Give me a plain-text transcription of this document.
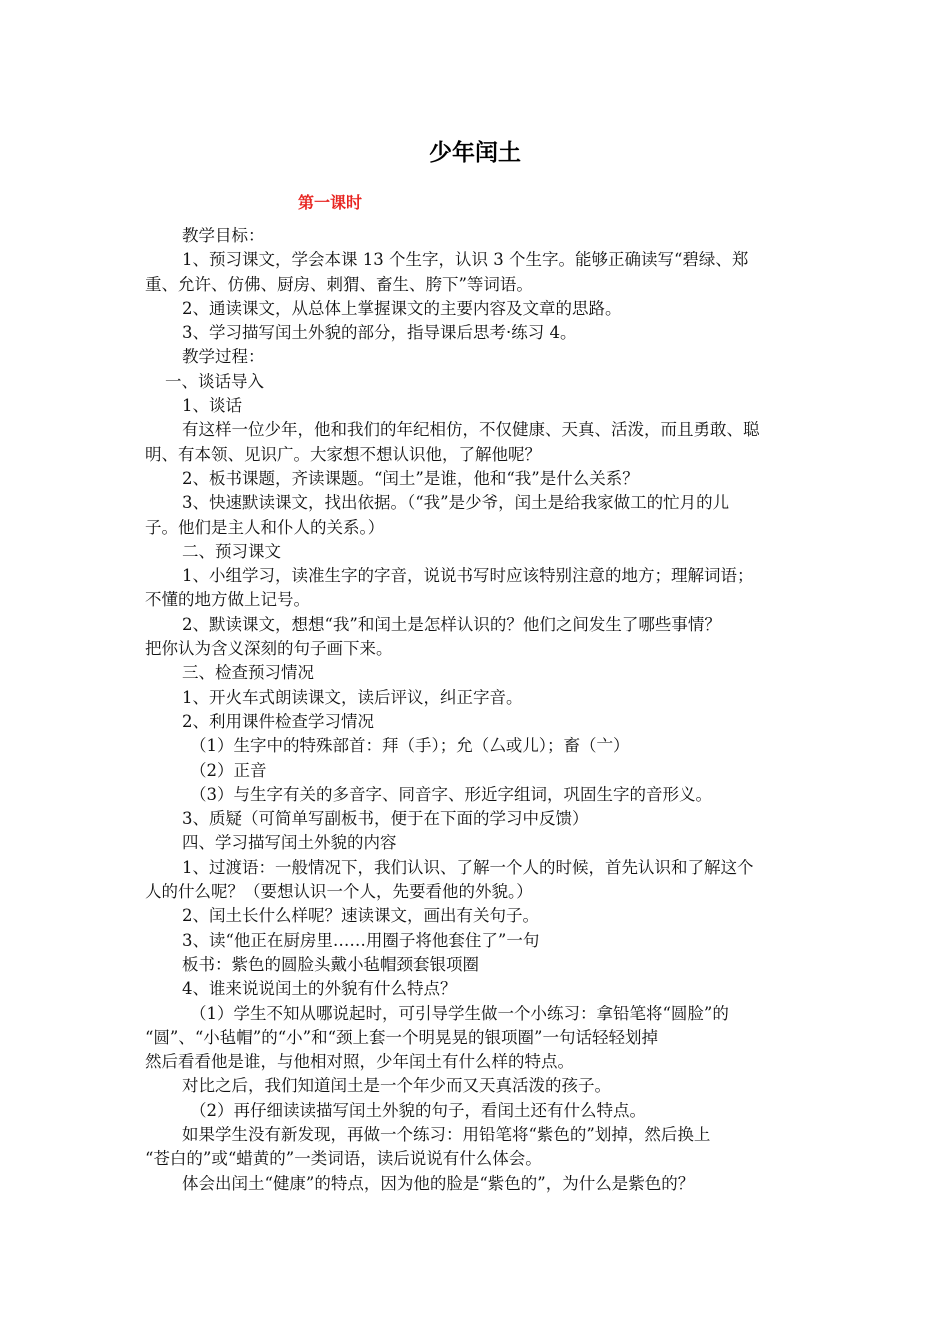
少年闰土
第一课时

教学目标：

1、预习课文，学会本课 13 个生字，认识 3 个生字。能够正确读写“碧绿、郑

重、允许、仿佛、厨房、刺猬、畜生、胯下”等词语。

2、通读课文，从总体上掌握课文的主要内容及文章的思路。

3、学习描写闰土外貌的部分，指导课后思考·练习 4。

教学过程：

一、谈话导入

1、谈话

有这样一位少年，他和我们的年纪相仿，不仅健康、天真、活泼，而且勇敢、聪

明、有本领、见识广。大家想不想认识他，了解他呢？

2、板书课题，齐读课题。“闰土”是谁，他和“我”是什么关系？

3、快速默读课文，找出依据。（“我”是少爷，闰土是给我家做工的忙月的儿

子。他们是主人和仆人的关系。）

二、预习课文

1、小组学习，读准生字的字音，说说书写时应该特别注意的地方；理解词语；

不懂的地方做上记号。

2、默读课文，想想“我”和闰土是怎样认识的？他们之间发生了哪些事情？

把你认为含义深刻的句子画下来。

三、检查预习情况

1、开火车式朗读课文，读后评议，纠正字音。

2、利用课件检查学习情况

（1）生字中的特殊部首：拜（手）；允（厶或儿）；畜（亠）

（2）正音

（3）与生字有关的多音字、同音字、形近字组词，巩固生字的音形义。

3、质疑（可简单写副板书，便于在下面的学习中反馈）

四、学习描写闰土外貌的内容

1、过渡语：一般情况下，我们认识、了解一个人的时候，首先认识和了解这个

人的什么呢？（要想认识一个人，先要看他的外貌。）

2、闰土长什么样呢？速读课文，画出有关句子。

3、读“他正在厨房里……用圈子将他套住了”一句

板书：紫色的圆脸头戴小毡帽颈套银项圈

4、谁来说说闰土的外貌有什么特点？

（1）学生不知从哪说起时，可引导学生做一个小练习：拿铅笔将“圆脸”的

“圆”、“小毡帽”的“小”和“颈上套一个明晃晃的银项圈”一句话轻轻划掉

然后看看他是谁，与他相对照，少年闰土有什么样的特点。

对比之后，我们知道闰土是一个年少而又天真活泼的孩子。

（2）再仔细读读描写闰土外貌的句子，看闰土还有什么特点。

如果学生没有新发现，再做一个练习：用铅笔将“紫色的”划掉，然后换上

“苍白的”或“蜡黄的”一类词语，读后说说有什么体会。

体会出闰土“健康”的特点，因为他的脸是“紫色的”，为什么是紫色的？
